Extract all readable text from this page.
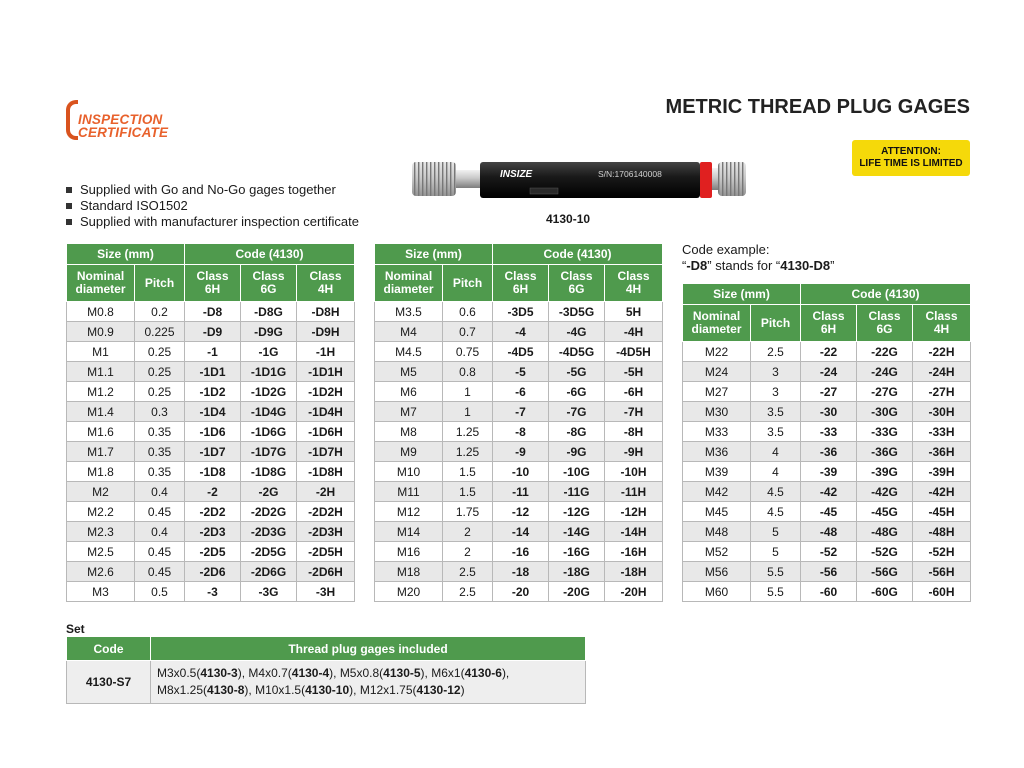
INSPECTION
CERTIFICATE
METRIC THREAD PLUG GAGES
ATTENTION:
LIFE TIME IS LIMITED
INSIZE	S/N:1706140008
4130-10
Supplied with Go and No-Go gages together
Standard ISO1502
Supplied with manufacturer inspection certificate
Code example:
“-D8” stands for “4130-D8”
Size (mm)		Code (4130)		
Nominal
diameter	Pitch	Class
6H	Class
6G	Class
4H
M0.8	0.2	-D8	-D8G	-D8H
M0.9	0.225	-D9	-D9G	-D9H
M1	0.25	-1	-1G	-1H
M1.1	0.25	-1D1	-1D1G	-1D1H
M1.2	0.25	-1D2	-1D2G	-1D2H
M1.4	0.3	-1D4	-1D4G	-1D4H
M1.6	0.35	-1D6	-1D6G	-1D6H
M1.7	0.35	-1D7	-1D7G	-1D7H
M1.8	0.35	-1D8	-1D8G	-1D8H
M2	0.4	-2	-2G	-2H
M2.2	0.45	-2D2	-2D2G	-2D2H
M2.3	0.4	-2D3	-2D3G	-2D3H
M2.5	0.45	-2D5	-2D5G	-2D5H
M2.6	0.45	-2D6	-2D6G	-2D6H
M3	0.5	-3	-3G	-3H
Size (mm)		Code (4130)		
Nominal
diameter	Pitch	Class
6H	Class
6G	Class
4H
M3.5	0.6	-3D5	-3D5G	5H
M4	0.7	-4	-4G	-4H
M4.5	0.75	-4D5	-4D5G	-4D5H
M5	0.8	-5	-5G	-5H
M6	1	-6	-6G	-6H
M7	1	-7	-7G	-7H
M8	1.25	-8	-8G	-8H
M9	1.25	-9	-9G	-9H
M10	1.5	-10	-10G	-10H
M11	1.5	-11	-11G	-11H
M12	1.75	-12	-12G	-12H
M14	2	-14	-14G	-14H
M16	2	-16	-16G	-16H
M18	2.5	-18	-18G	-18H
M20	2.5	-20	-20G	-20H
Size (mm)		Code (4130)		
Nominal
diameter	Pitch	Class
6H	Class
6G	Class
4H
M22	2.5	-22	-22G	-22H
M24	3	-24	-24G	-24H
M27	3	-27	-27G	-27H
M30	3.5	-30	-30G	-30H
M33	3.5	-33	-33G	-33H
M36	4	-36	-36G	-36H
M39	4	-39	-39G	-39H
M42	4.5	-42	-42G	-42H
M45	4.5	-45	-45G	-45H
M48	5	-48	-48G	-48H
M52	5	-52	-52G	-52H
M56	5.5	-56	-56G	-56H
M60	5.5	-60	-60G	-60H
Set
Code	Thread plug gages included
4130-S7	M3x0.5(4130-3), M4x0.7(4130-4), M5x0.8(4130-5), M6x1(4130-6),
M8x1.25(4130-8), M10x1.5(4130-10), M12x1.75(4130-12)
